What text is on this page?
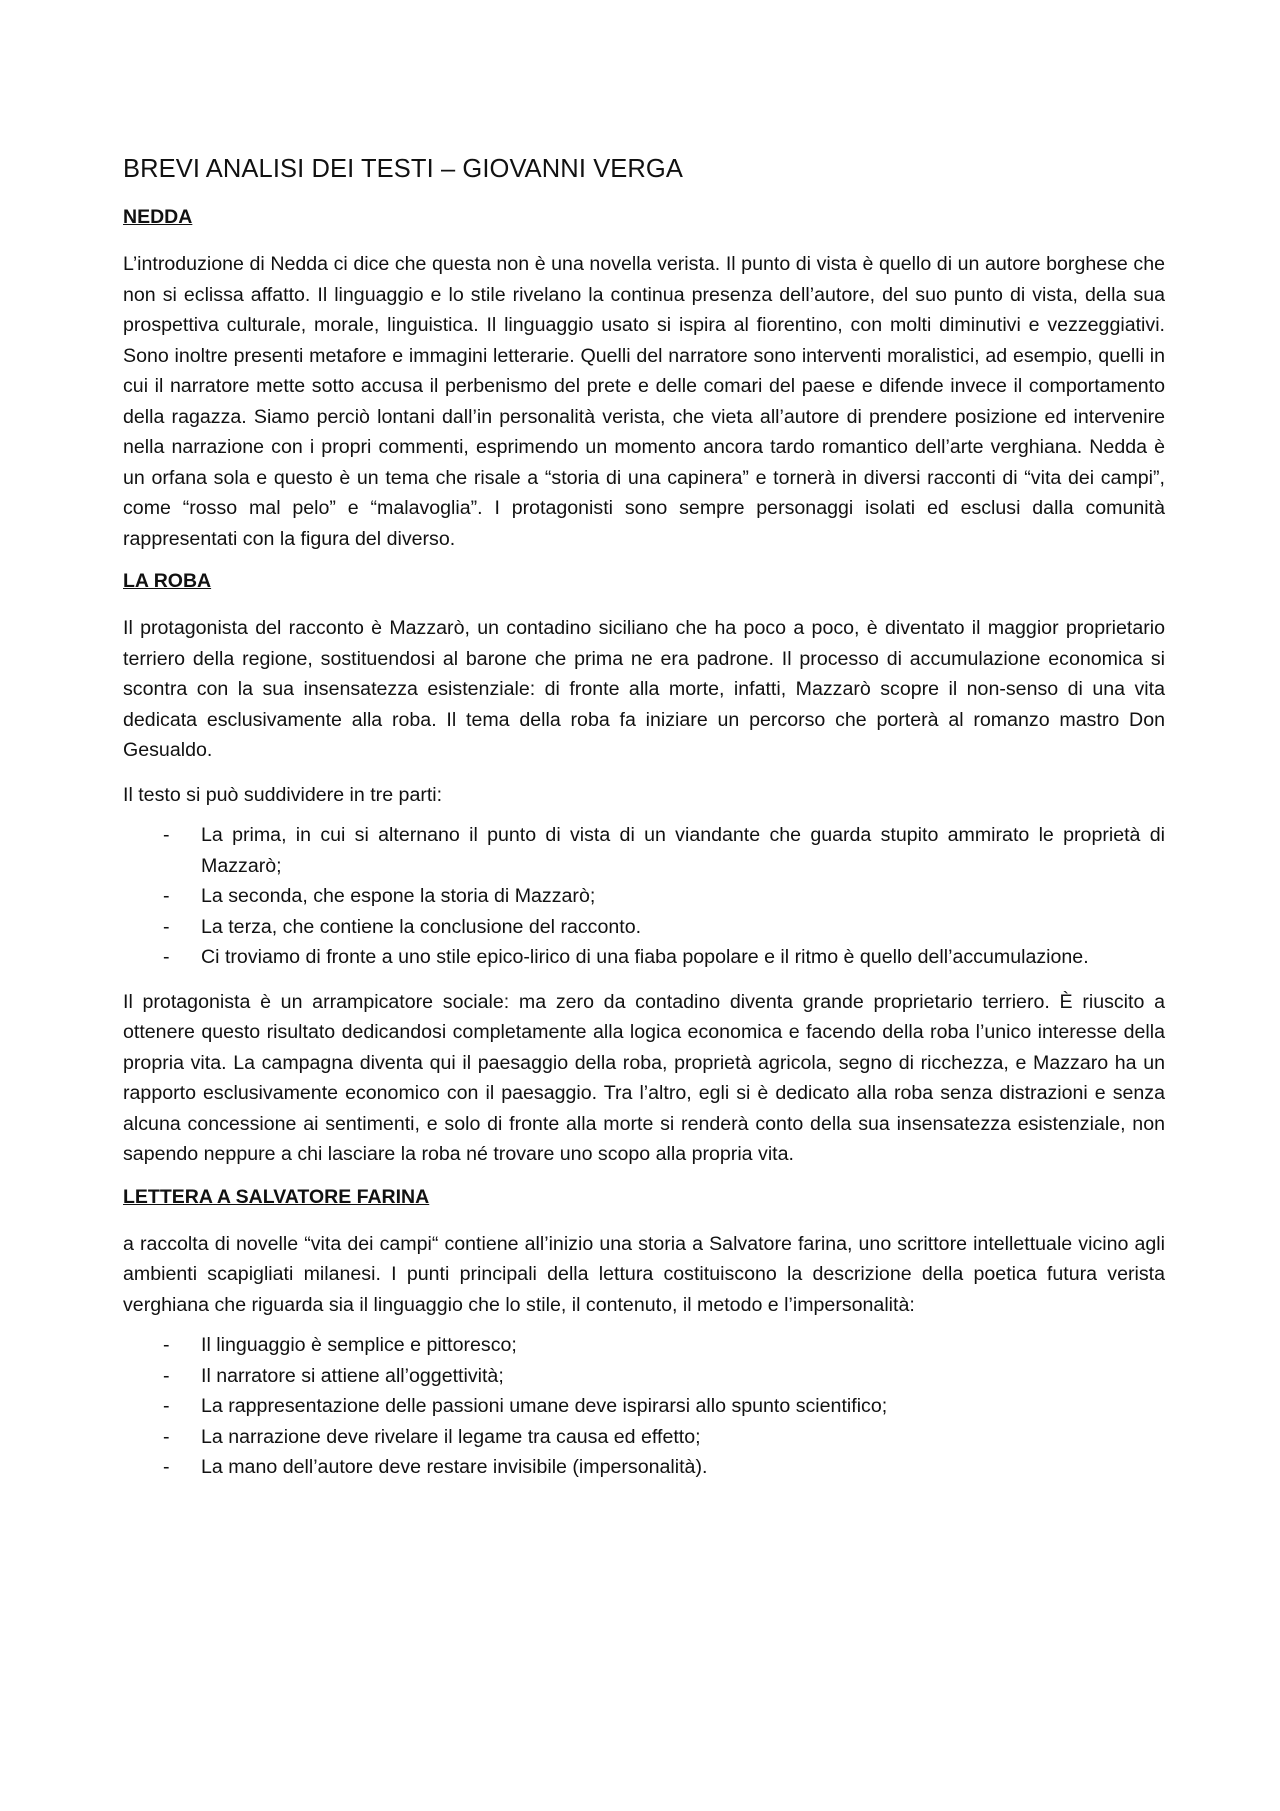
BREVI ANALISI DEI TESTI – GIOVANNI VERGA
NEDDA

L’introduzione di Nedda ci dice che questa non è una novella verista. Il punto di vista è quello di un autore borghese che non si eclissa affatto. Il linguaggio e lo stile rivelano la continua presenza dell’autore, del suo punto di vista, della sua prospettiva culturale, morale, linguistica. Il linguaggio usato si ispira al fiorentino, con molti diminutivi e vezzeggiativi. Sono inoltre presenti metafore e immagini letterarie. Quelli del narratore sono interventi moralistici, ad esempio, quelli in cui il narratore mette sotto accusa il perbenismo del prete e delle comari del paese e difende invece il comportamento della ragazza. Siamo perciò lontani dall’in personalità verista, che vieta all’autore di prendere posizione ed intervenire nella narrazione con i propri commenti, esprimendo un momento ancora tardo romantico dell’arte verghiana. Nedda è un orfana sola e questo è un tema che risale a “storia di una capinera” e tornerà in diversi racconti di “vita dei campi”, come “rosso mal pelo” e “malavoglia”. I protagonisti sono sempre personaggi isolati ed esclusi dalla comunità rappresentati con la figura del diverso.

LA ROBA

Il protagonista del racconto è Mazzarò, un contadino siciliano che ha poco a poco, è diventato il maggior proprietario terriero della regione, sostituendosi al barone che prima ne era padrone. Il processo di accumulazione economica si scontra con la sua insensatezza esistenziale: di fronte alla morte, infatti, Mazzarò scopre il non-senso di una vita dedicata esclusivamente alla roba. Il tema della roba fa iniziare un percorso che porterà al romanzo mastro Don Gesualdo.

Il testo si può suddividere in tre parti:

- La prima, in cui si alternano il punto di vista di un viandante che guarda stupito ammirato le proprietà di Mazzarò;
- La seconda, che espone la storia di Mazzarò;
- La terza, che contiene la conclusione del racconto.
- Ci troviamo di fronte a uno stile epico-lirico di una fiaba popolare e il ritmo è quello dell’accumulazione.

Il protagonista è un arrampicatore sociale: ma zero da contadino diventa grande proprietario terriero. È riuscito a ottenere questo risultato dedicandosi completamente alla logica economica e facendo della roba l’unico interesse della propria vita. La campagna diventa qui il paesaggio della roba, proprietà agricola, segno di ricchezza, e Mazzaro ha un rapporto esclusivamente economico con il paesaggio. Tra l’altro, egli si è dedicato alla roba senza distrazioni e senza alcuna concessione ai sentimenti, e solo di fronte alla morte si renderà conto della sua insensatezza esistenziale, non sapendo neppure a chi lasciare la roba né trovare uno scopo alla propria vita.

LETTERA A SALVATORE FARINA

a raccolta di novelle “vita dei campi“ contiene all’inizio una storia a Salvatore farina, uno scrittore intellettuale vicino agli ambienti scapigliati milanesi. I punti principali della lettura costituiscono la descrizione della poetica futura verista verghiana che riguarda sia il linguaggio che lo stile, il contenuto, il metodo e l’impersonalità:

- Il linguaggio è semplice e pittoresco;
- Il narratore si attiene all’oggettività;
- La rappresentazione delle passioni umane deve ispirarsi allo spunto scientifico;
- La narrazione deve rivelare il legame tra causa ed effetto;
- La mano dell’autore deve restare invisibile (impersonalità).
